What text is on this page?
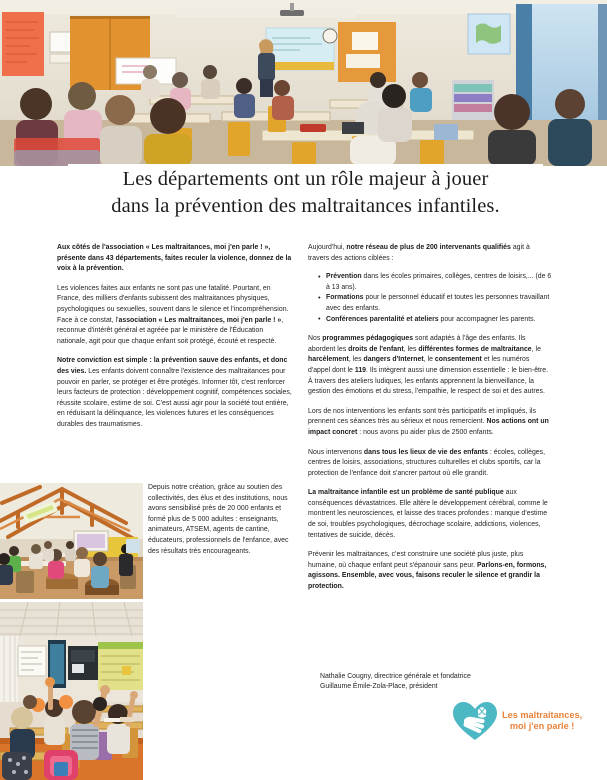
Les départements ont un rôle majeur à jouer
dans la prévention des maltraitances infantiles.

Aux côtés de l'association « Les maltraitances, moi j'en parle ! », présente dans 43 départements, faites reculer la violence, donnez de la voix à la prévention.

Les violences faites aux enfants ne sont pas une fatalité. Pourtant, en France, des milliers d'enfants subissent des maltraitances physiques, psychologiques ou sexuelles, souvent dans le silence et l'incompréhension. Face à ce constat, l'association « Les maltraitances, moi j'en parle ! », reconnue d'intérêt général et agréée par le ministère de l'Éducation nationale, agit pour que chaque enfant soit protégé, écouté et respecté.

Notre conviction est simple : la prévention sauve des enfants, et donc des vies. Les enfants doivent connaître l'existence des maltraitances pour pouvoir en parler, se protéger et être protégés. Informer tôt, c'est renforcer leurs facteurs de protection : développement cognitif, compétences sociales, réussite scolaire, estime de soi. C'est aussi agir pour la société tout entière, en réduisant la délinquance, les violences futures et les conséquences durables des traumatismes.

Depuis notre création, grâce au soutien des collectivités, des élus et des institutions, nous avons sensibilisé près de 20 000 enfants et formé plus de 5 000 adultes : enseignants, animateurs, ATSEM, agents de cantine, éducateurs, professionnels de l'enfance, avec des résultats très encourageants.

Aujourd'hui, notre réseau de plus de 200 intervenants qualifiés agit à travers des actions ciblées :

• Prévention dans les écoles primaires, collèges, centres de loisirs,... (de 6 à 13 ans).
• Formations pour le personnel éducatif et toutes les personnes travaillant avec des enfants.
• Conférences parentalité et ateliers pour accompagner les parents.

Nos programmes pédagogiques sont adaptés à l'âge des enfants. Ils abordent les droits de l'enfant, les différentes formes de maltraitance, le harcèlement, les dangers d'Internet, le consentement et les numéros d'appel dont le 119. Ils intègrent aussi une dimension essentielle : le bien-être. À travers des ateliers ludiques, les enfants apprennent la bienveillance, la gestion des émotions et du stress, l'empathie, le respect de soi et des autres.

Lors de nos interventions les enfants sont très participatifs et impliqués, ils prennent ces séances très au sérieux et nous remercient. Nos actions ont un impact concret : nous avons pu aider plus de 2500 enfants.

Nous intervenons dans tous les lieux de vie des enfants : écoles, collèges, centres de loisirs, associations, structures culturelles et clubs sportifs, car la protection de l'enfance doit s'ancrer partout où elle grandit.

La maltraitance infantile est un problème de santé publique aux conséquences dévastatrices. Elle altère le développement cérébral, comme le montrent les neurosciences, et laisse des traces profondes : manque d'estime de soi, troubles psychologiques, décrochage scolaire, addictions, violences, tentatives de suicide, décès.

Prévenir les maltraitances, c'est construire une société plus juste, plus humaine, où chaque enfant peut s'épanouir sans peur. Parlons-en, formons, agissons. Ensemble, avec vous, faisons reculer le silence et grandir la protection.

Nathalie Cougny, directrice générale et fondatrice
Guillaume Émile-Zola-Place, président
Les maltraitances,
moi j'en parle !
